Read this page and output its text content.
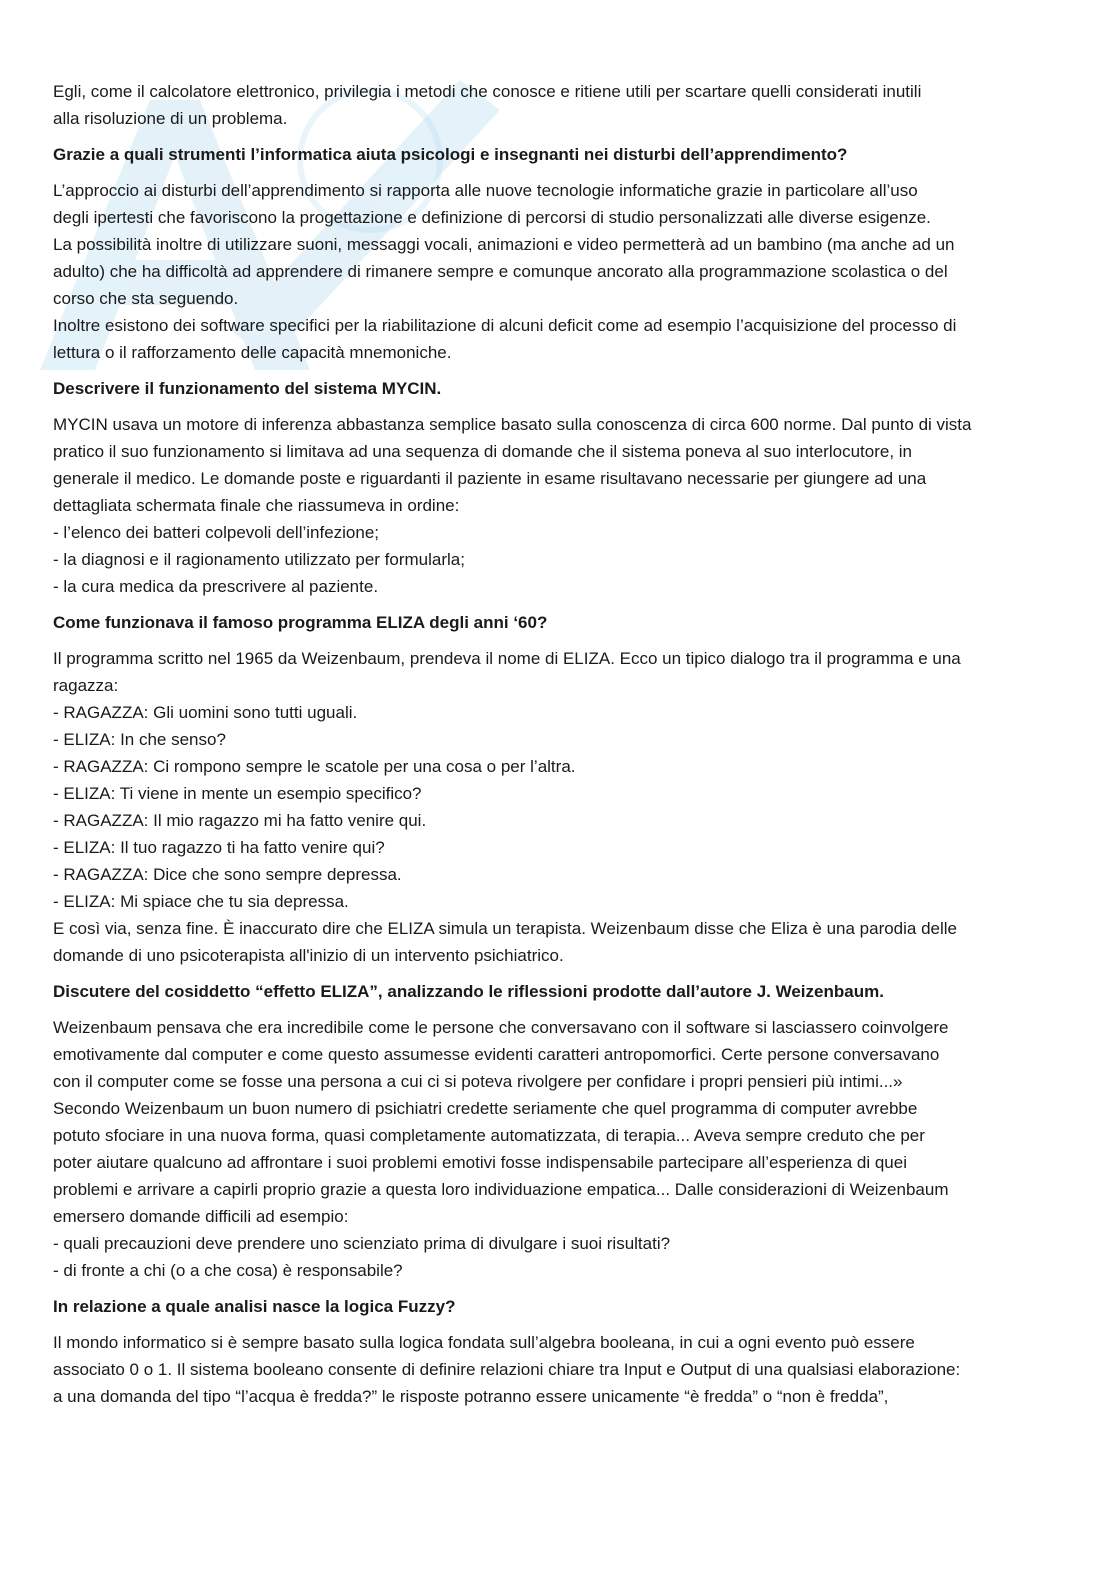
Egli, come il calcolatore elettronico, privilegia i metodi che conosce e ritiene utili per scartare quelli considerati inutili
alla risoluzione di un problema.

Grazie a quali strumenti l’informatica aiuta psicologi e insegnanti nei disturbi dell’apprendimento?

L’approccio ai disturbi dell’apprendimento si rapporta alle nuove tecnologie informatiche grazie in particolare all’uso
degli ipertesti che favoriscono la progettazione e definizione di percorsi di studio personalizzati alle diverse esigenze.
La possibilità inoltre di utilizzare suoni, messaggi vocali, animazioni e video permetterà ad un bambino (ma anche ad un
adulto) che ha difficoltà ad apprendere di rimanere sempre e comunque ancorato alla programmazione scolastica o del
corso che sta seguendo.
Inoltre esistono dei software specifici per la riabilitazione di alcuni deficit come ad esempio l’acquisizione del processo di
lettura o il rafforzamento delle capacità mnemoniche.

Descrivere il funzionamento del sistema MYCIN.

MYCIN usava un motore di inferenza abbastanza semplice basato sulla conoscenza di circa 600 norme. Dal punto di vista
pratico il suo funzionamento si limitava ad una sequenza di domande che il sistema poneva al suo interlocutore, in
generale il medico. Le domande poste e riguardanti il paziente in esame risultavano necessarie per giungere ad una
dettagliata schermata finale che riassumeva in ordine:
- l’elenco dei batteri colpevoli dell’infezione;
- la diagnosi e il ragionamento utilizzato per formularla;
- la cura medica da prescrivere al paziente.

Come funzionava il famoso programma ELIZA degli anni ‘60?

Il programma scritto nel 1965 da Weizenbaum, prendeva il nome di ELIZA. Ecco un tipico dialogo tra il programma e una
ragazza:
- RAGAZZA: Gli uomini sono tutti uguali.
- ELIZA: In che senso?
- RAGAZZA: Ci rompono sempre le scatole per una cosa o per l’altra.
- ELIZA: Ti viene in mente un esempio specifico?
- RAGAZZA: Il mio ragazzo mi ha fatto venire qui.
- ELIZA: Il tuo ragazzo ti ha fatto venire qui?
- RAGAZZA: Dice che sono sempre depressa.
- ELIZA: Mi spiace che tu sia depressa.
E così via, senza fine. È inaccurato dire che ELIZA simula un terapista. Weizenbaum disse che Eliza è una parodia delle
domande di uno psicoterapista all'inizio di un intervento psichiatrico.

Discutere del cosiddetto “effetto ELIZA”, analizzando le riflessioni prodotte dall’autore J. Weizenbaum.

Weizenbaum pensava che era incredibile come le persone che conversavano con il software si lasciassero coinvolgere
emotivamente dal computer e come questo assumesse evidenti caratteri antropomorfici. Certe persone conversavano
con il computer come se fosse una persona a cui ci si poteva rivolgere per confidare i propri pensieri più intimi...»
Secondo Weizenbaum un buon numero di psichiatri credette seriamente che quel programma di computer avrebbe
potuto sfociare in una nuova forma, quasi completamente automatizzata, di terapia... Aveva sempre creduto che per
poter aiutare qualcuno ad affrontare i suoi problemi emotivi fosse indispensabile partecipare all’esperienza di quei
problemi e arrivare a capirli proprio grazie a questa loro individuazione empatica... Dalle considerazioni di Weizenbaum
emersero domande difficili ad esempio:
- quali precauzioni deve prendere uno scienziato prima di divulgare i suoi risultati?
- di fronte a chi (o a che cosa) è responsabile?

In relazione a quale analisi nasce la logica Fuzzy?

Il mondo informatico si è sempre basato sulla logica fondata sull’algebra booleana, in cui a ogni evento può essere
associato 0 o 1. Il sistema booleano consente di definire relazioni chiare tra Input e Output di una qualsiasi elaborazione:
a una domanda del tipo “l’acqua è fredda?” le risposte potranno essere unicamente “è fredda” o “non è fredda”,
